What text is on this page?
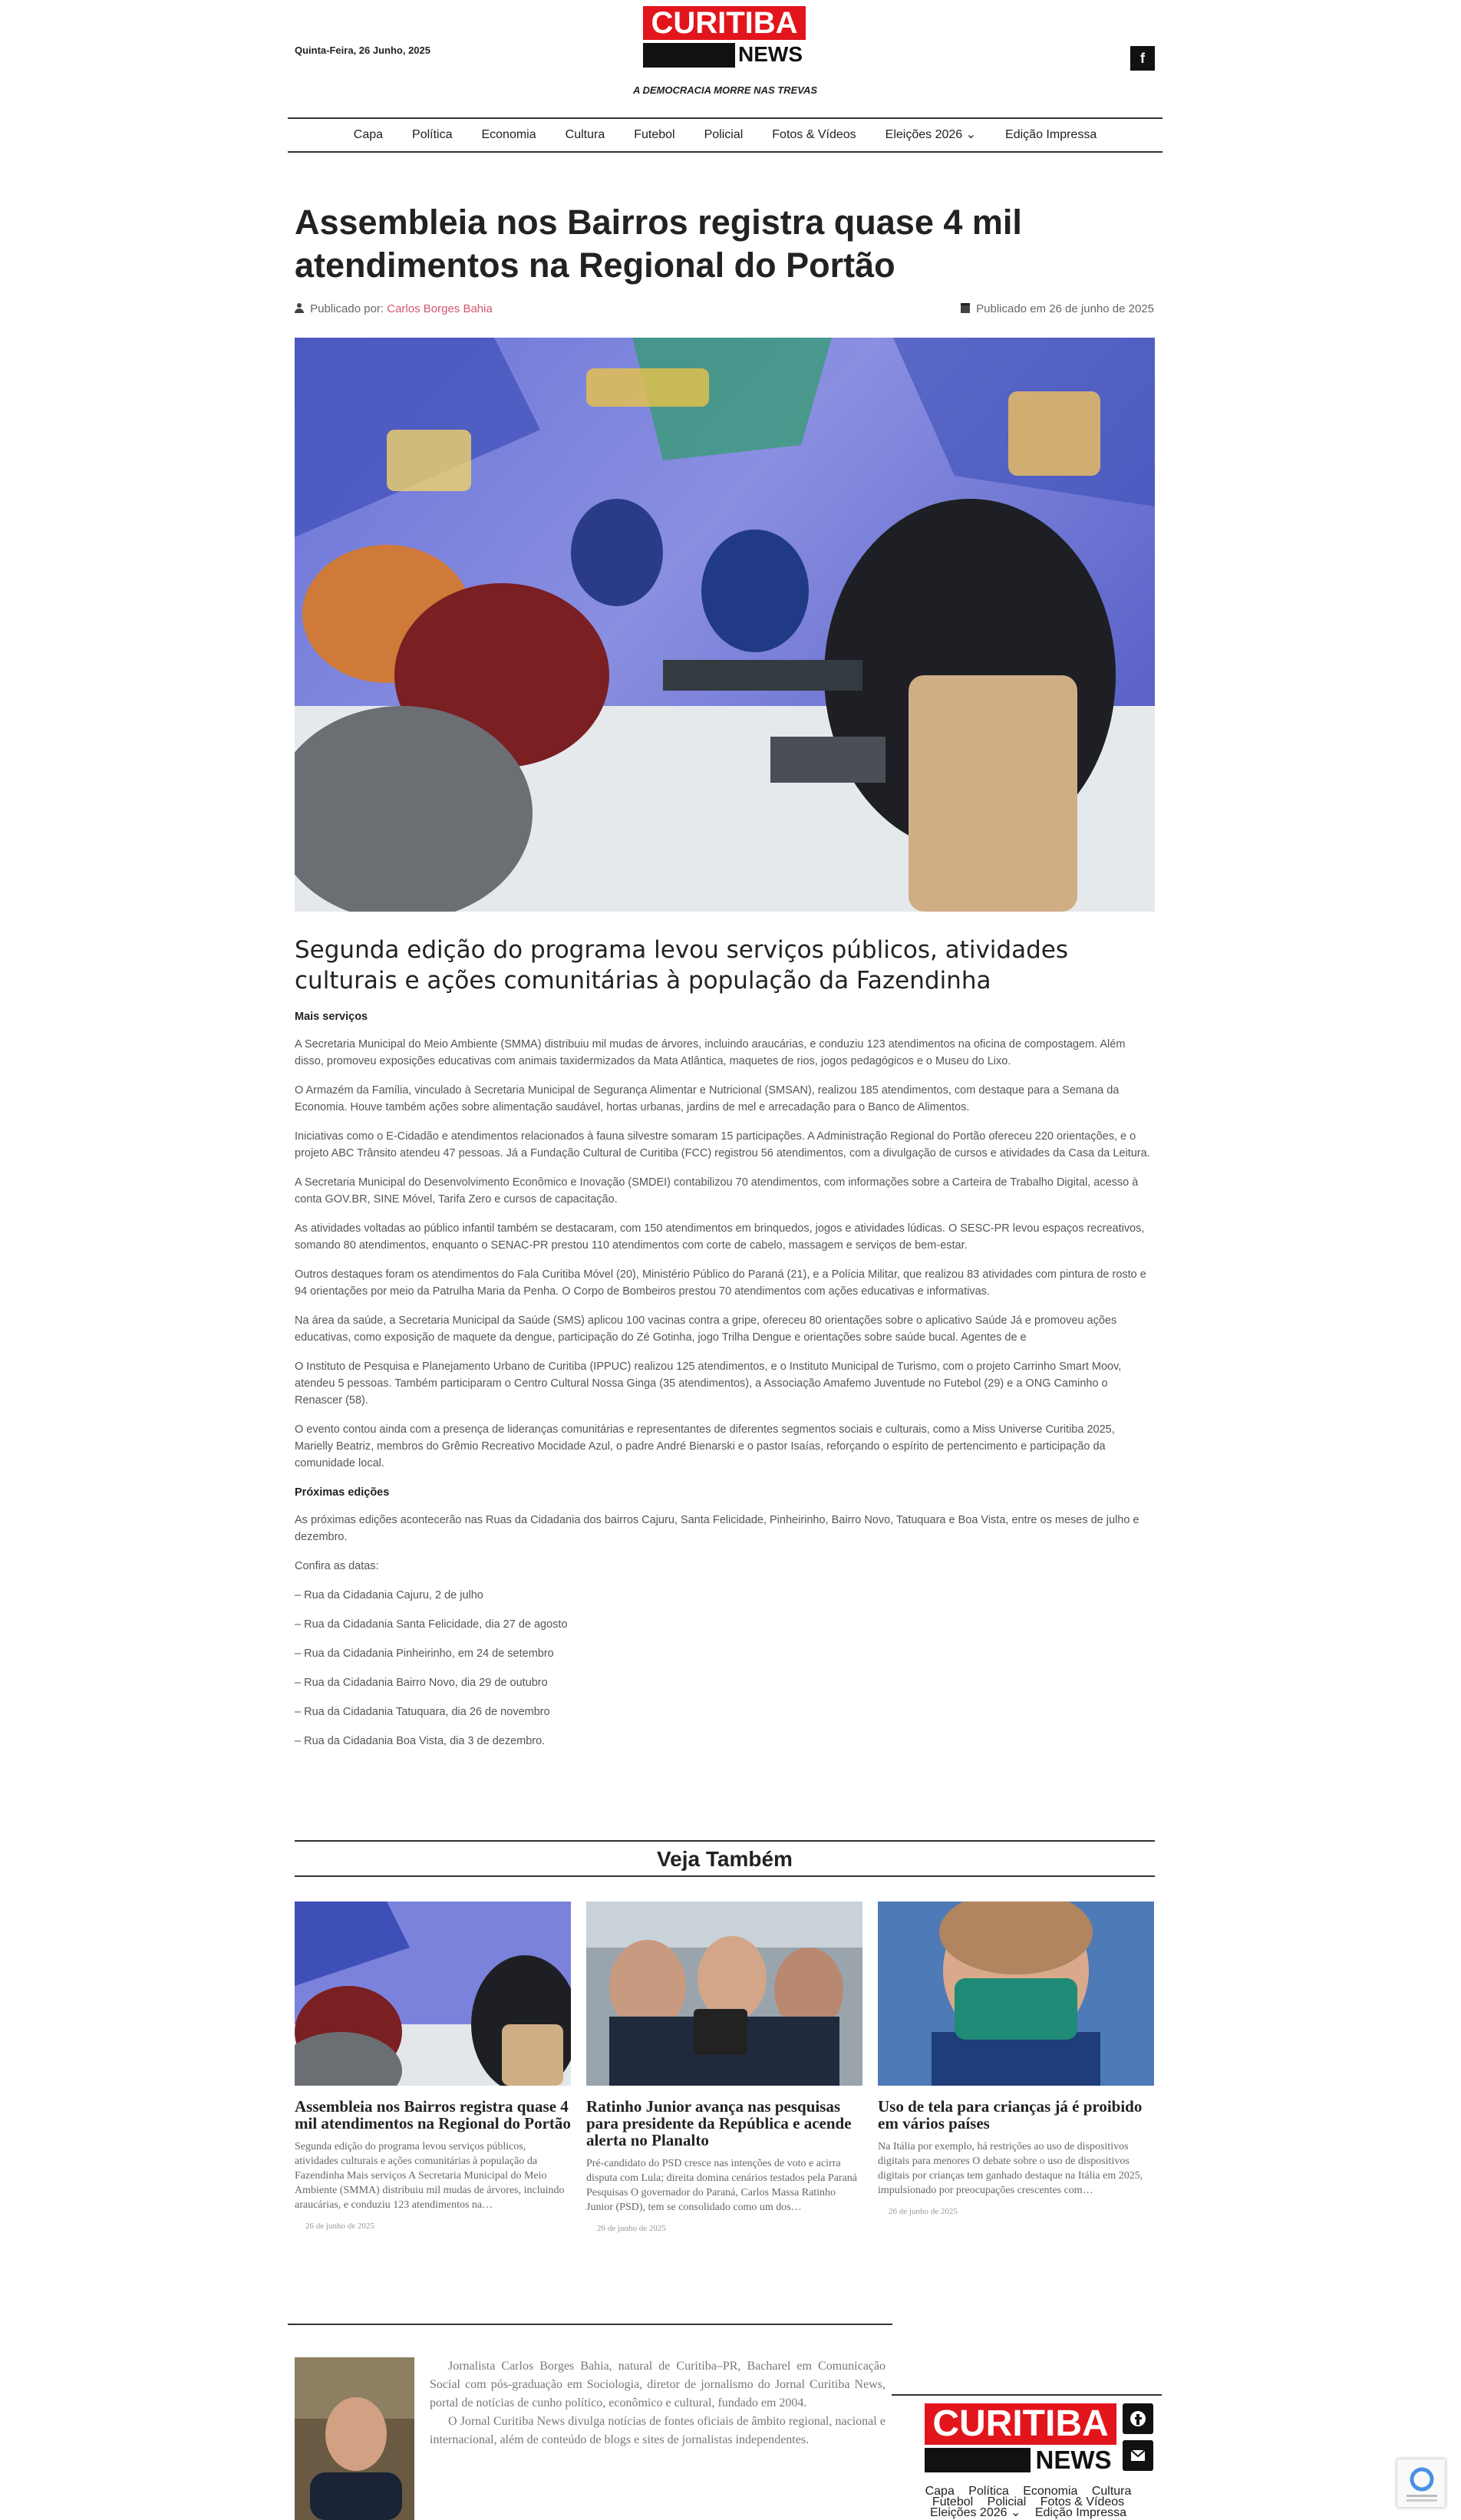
Quinta-Feira, 26 Junho, 2025
CURITIBA
NEWS
A DEMOCRACIA MORRE NAS TREVAS
f
Capa	Política	Economia	Cultura	Futebol	Policial	Fotos & Vídeos	Eleições 2026 ⌄	Edição Impressa
Assembleia nos Bairros registra quase 4 mil atendimentos na Regional do Portão
Publicado por: Carlos Borges Bahia	Publicado em 26 de junho de 2025
Segunda edição do programa levou serviços públicos, atividades culturais e ações comunitárias à população da Fazendinha

Mais serviços

A Secretaria Municipal do Meio Ambiente (SMMA) distribuiu mil mudas de árvores, incluindo araucárias, e conduziu 123 atendimentos na oficina de compostagem. Além disso, promoveu exposições educativas com animais taxidermizados da Mata Atlântica, maquetes de rios, jogos pedagógicos e o Museu do Lixo.

O Armazém da Família, vinculado à Secretaria Municipal de Segurança Alimentar e Nutricional (SMSAN), realizou 185 atendimentos, com destaque para a Semana da Economia. Houve também ações sobre alimentação saudável, hortas urbanas, jardins de mel e arrecadação para o Banco de Alimentos.

Iniciativas como o E-Cidadão e atendimentos relacionados à fauna silvestre somaram 15 participações. A Administração Regional do Portão ofereceu 220 orientações, e o projeto ABC Trânsito atendeu 47 pessoas. Já a Fundação Cultural de Curitiba (FCC) registrou 56 atendimentos, com a divulgação de cursos e atividades da Casa da Leitura.

A Secretaria Municipal do Desenvolvimento Econômico e Inovação (SMDEI) contabilizou 70 atendimentos, com informações sobre a Carteira de Trabalho Digital, acesso à conta GOV.BR, SINE Móvel, Tarifa Zero e cursos de capacitação.

As atividades voltadas ao público infantil também se destacaram, com 150 atendimentos em brinquedos, jogos e atividades lúdicas. O SESC-PR levou espaços recreativos, somando 80 atendimentos, enquanto o SENAC-PR prestou 110 atendimentos com corte de cabelo, massagem e serviços de bem-estar.

Outros destaques foram os atendimentos do Fala Curitiba Móvel (20), Ministério Público do Paraná (21), e a Polícia Militar, que realizou 83 atividades com pintura de rosto e 94 orientações por meio da Patrulha Maria da Penha. O Corpo de Bombeiros prestou 70 atendimentos com ações educativas e informativas.

Na área da saúde, a Secretaria Municipal da Saúde (SMS) aplicou 100 vacinas contra a gripe, ofereceu 80 orientações sobre o aplicativo Saúde Já e promoveu ações educativas, como exposição de maquete da dengue, participação do Zé Gotinha, jogo Trilha Dengue e orientações sobre saúde bucal. Agentes de e

O Instituto de Pesquisa e Planejamento Urbano de Curitiba (IPPUC) realizou 125 atendimentos, e o Instituto Municipal de Turismo, com o projeto Carrinho Smart Moov, atendeu 5 pessoas. Também participaram o Centro Cultural Nossa Ginga (35 atendimentos), a Associação Amafemo Juventude no Futebol (29) e a ONG Caminho o Renascer (58).

O evento contou ainda com a presença de lideranças comunitárias e representantes de diferentes segmentos sociais e culturais, como a Miss Universe Curitiba 2025, Marielly Beatriz, membros do Grêmio Recreativo Mocidade Azul, o padre André Bienarski e o pastor Isaías, reforçando o espírito de pertencimento e participação da comunidade local.

Próximas edições

As próximas edições acontecerão nas Ruas da Cidadania dos bairros Cajuru, Santa Felicidade, Pinheirinho, Bairro Novo, Tatuquara e Boa Vista, entre os meses de julho e dezembro.

Confira as datas:

– Rua da Cidadania Cajuru, 2 de julho

– Rua da Cidadania Santa Felicidade, dia 27 de agosto

– Rua da Cidadania Pinheirinho, em 24 de setembro

– Rua da Cidadania Bairro Novo, dia 29 de outubro

– Rua da Cidadania Tatuquara, dia 26 de novembro

– Rua da Cidadania Boa Vista, dia 3 de dezembro.

Veja Também
Assembleia nos Bairros registra quase 4 mil atendimentos na Regional do Portão
Segunda edição do programa levou serviços públicos, atividades culturais e ações comunitárias à população da Fazendinha Mais serviços A Secretaria Municipal do Meio Ambiente (SMMA) distribuiu mil mudas de árvores, incluindo araucárias, e conduziu 123 atendimentos na…
26 de junho de 2025
Ratinho Junior avança nas pesquisas para presidente da República e acende alerta no Planalto
Pré-candidato do PSD cresce nas intenções de voto e acirra disputa com Lula; direita domina cenários testados pela Paraná Pesquisas O governador do Paraná, Carlos Massa Ratinho Junior (PSD), tem se consolidado como um dos…
26 de junho de 2025
Uso de tela para crianças já é proibido em vários países
Na Itália por exemplo, há restrições ao uso de dispositivos digitais para menores O debate sobre o uso de dispositivos digitais por crianças tem ganhado destaque na Itália em 2025, impulsionado por preocupações crescentes com…
26 de junho de 2025

Jornalista Carlos Borges Bahia, natural de Curitiba–PR, Bacharel em Comunicação Social com pós-graduação em Sociologia, diretor de jornalismo do Jornal Curitiba News, portal de notícias de cunho político, econômico e cultural, fundado em 2004.

O Jornal Curitiba News divulga notícias de fontes oficiais de âmbito regional, nacional e internacional, além de conteúdo de blogs e sites de jornalistas independentes.	CURITIBA
NEWS
Capa Política Economia Cultura Futebol Policial Fotos & Vídeos Eleições 2026 ⌄ Edição Impressa
